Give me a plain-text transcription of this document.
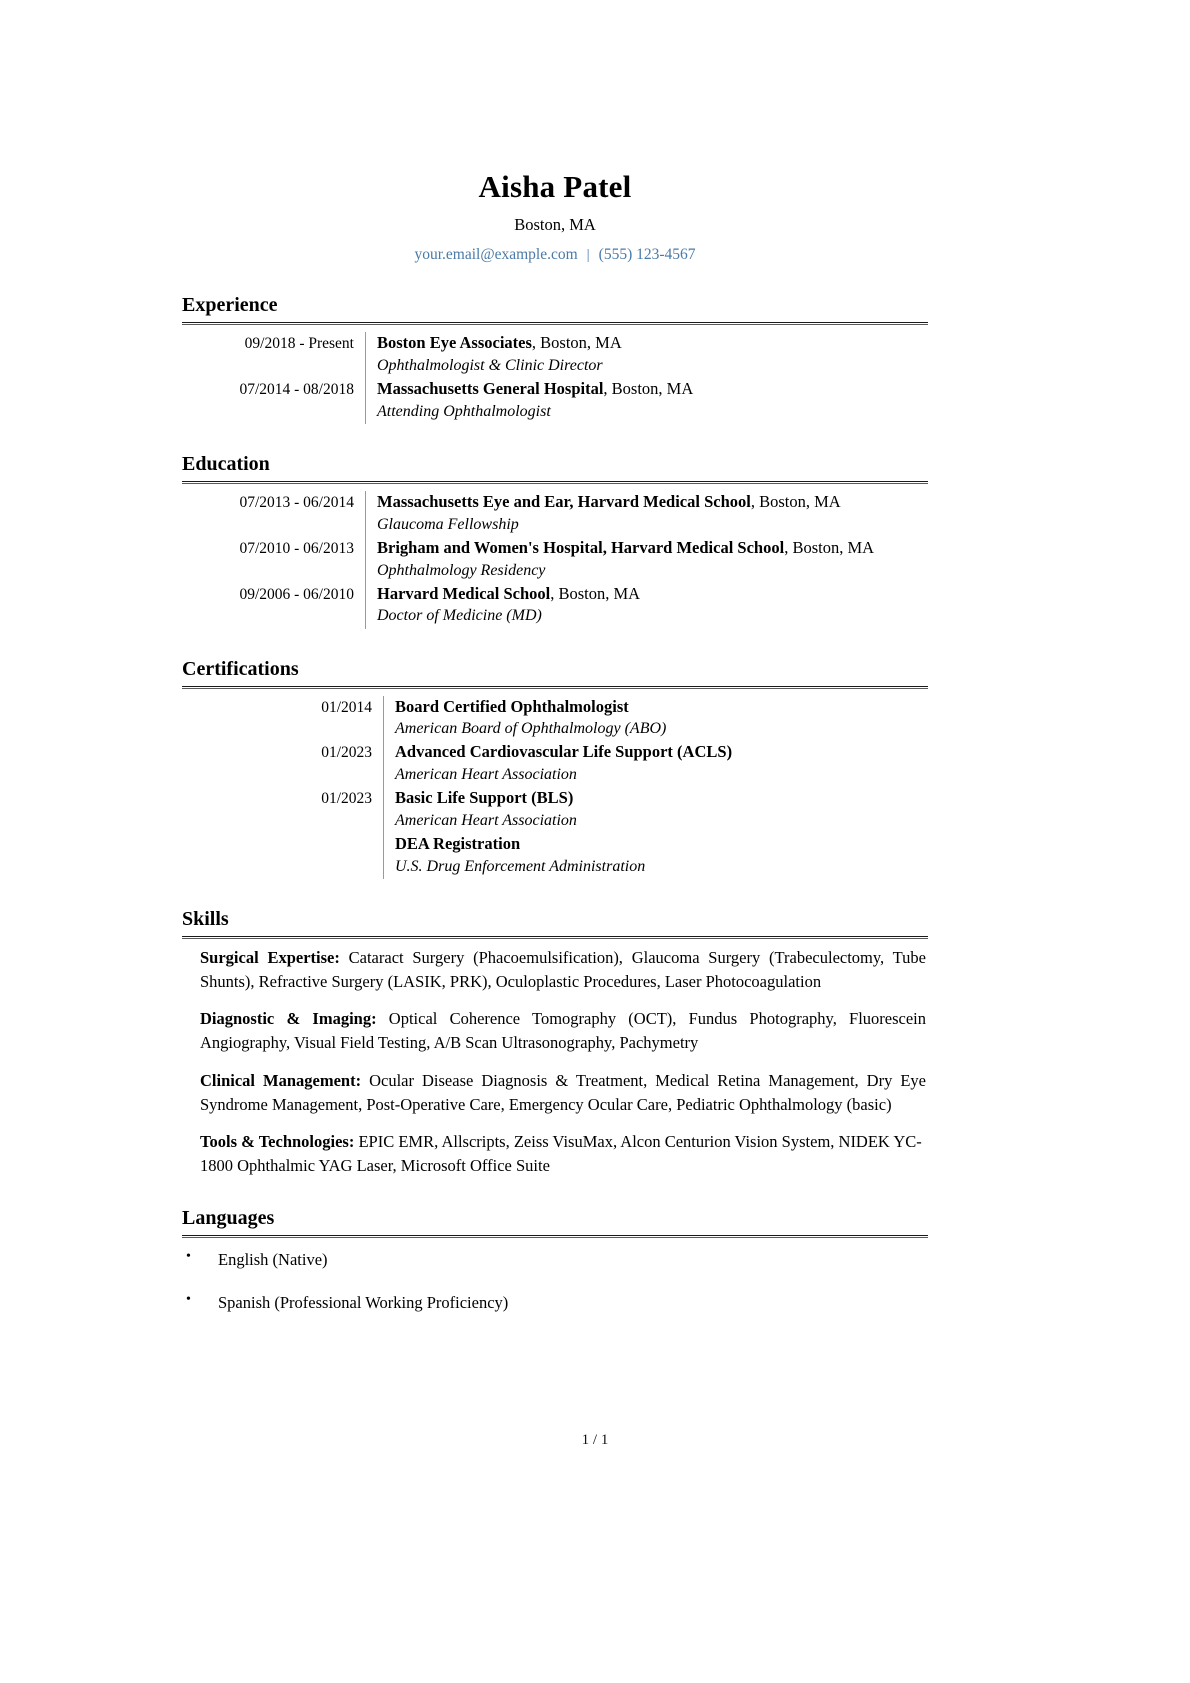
Aisha Patel
Boston, MA
your.email@example.com | (555) 123-4567
Experience
09/2018 - Present	Boston Eye Associates, Boston, MA
Ophthalmologist & Clinic Director

07/2014 - 08/2018	Massachusetts General Hospital, Boston, MA
Attending Ophthalmologist
Education
07/2013 - 06/2014	Massachusetts Eye and Ear, Harvard Medical School, Boston, MA
Glaucoma Fellowship

07/2010 - 06/2013	Brigham and Women's Hospital, Harvard Medical School, Boston, MA
Ophthalmology Residency

09/2006 - 06/2010	Harvard Medical School, Boston, MA
Doctor of Medicine (MD)
Certifications
01/2014	Board Certified Ophthalmologist
American Board of Ophthalmology (ABO)

01/2023	Advanced Cardiovascular Life Support (ACLS)
American Heart Association

01/2023	Basic Life Support (BLS)
American Heart Association

	DEA Registration
U.S. Drug Enforcement Administration
Skills

Surgical Expertise: Cataract Surgery (Phacoemulsification), Glaucoma Surgery (Trabeculectomy, Tube Shunts), Refractive Surgery (LASIK, PRK), Oculoplastic Procedures, Laser Photocoagulation

Diagnostic & Imaging: Optical Coherence Tomography (OCT), Fundus Photography, Fluorescein Angiography, Visual Field Testing, A/B Scan Ultrasonography, Pachymetry

Clinical Management: Ocular Disease Diagnosis & Treatment, Medical Retina Management, Dry Eye Syndrome Management, Post-Operative Care, Emergency Ocular Care, Pediatric Ophthalmology (basic)

Tools & Technologies: EPIC EMR, Allscripts, Zeiss VisuMax, Alcon Centurion Vision System, NIDEK YC-1800 Ophthalmic YAG Laser, Microsoft Office Suite

Languages
• English (Native)
• Spanish (Professional Working Proficiency)
1 / 1
